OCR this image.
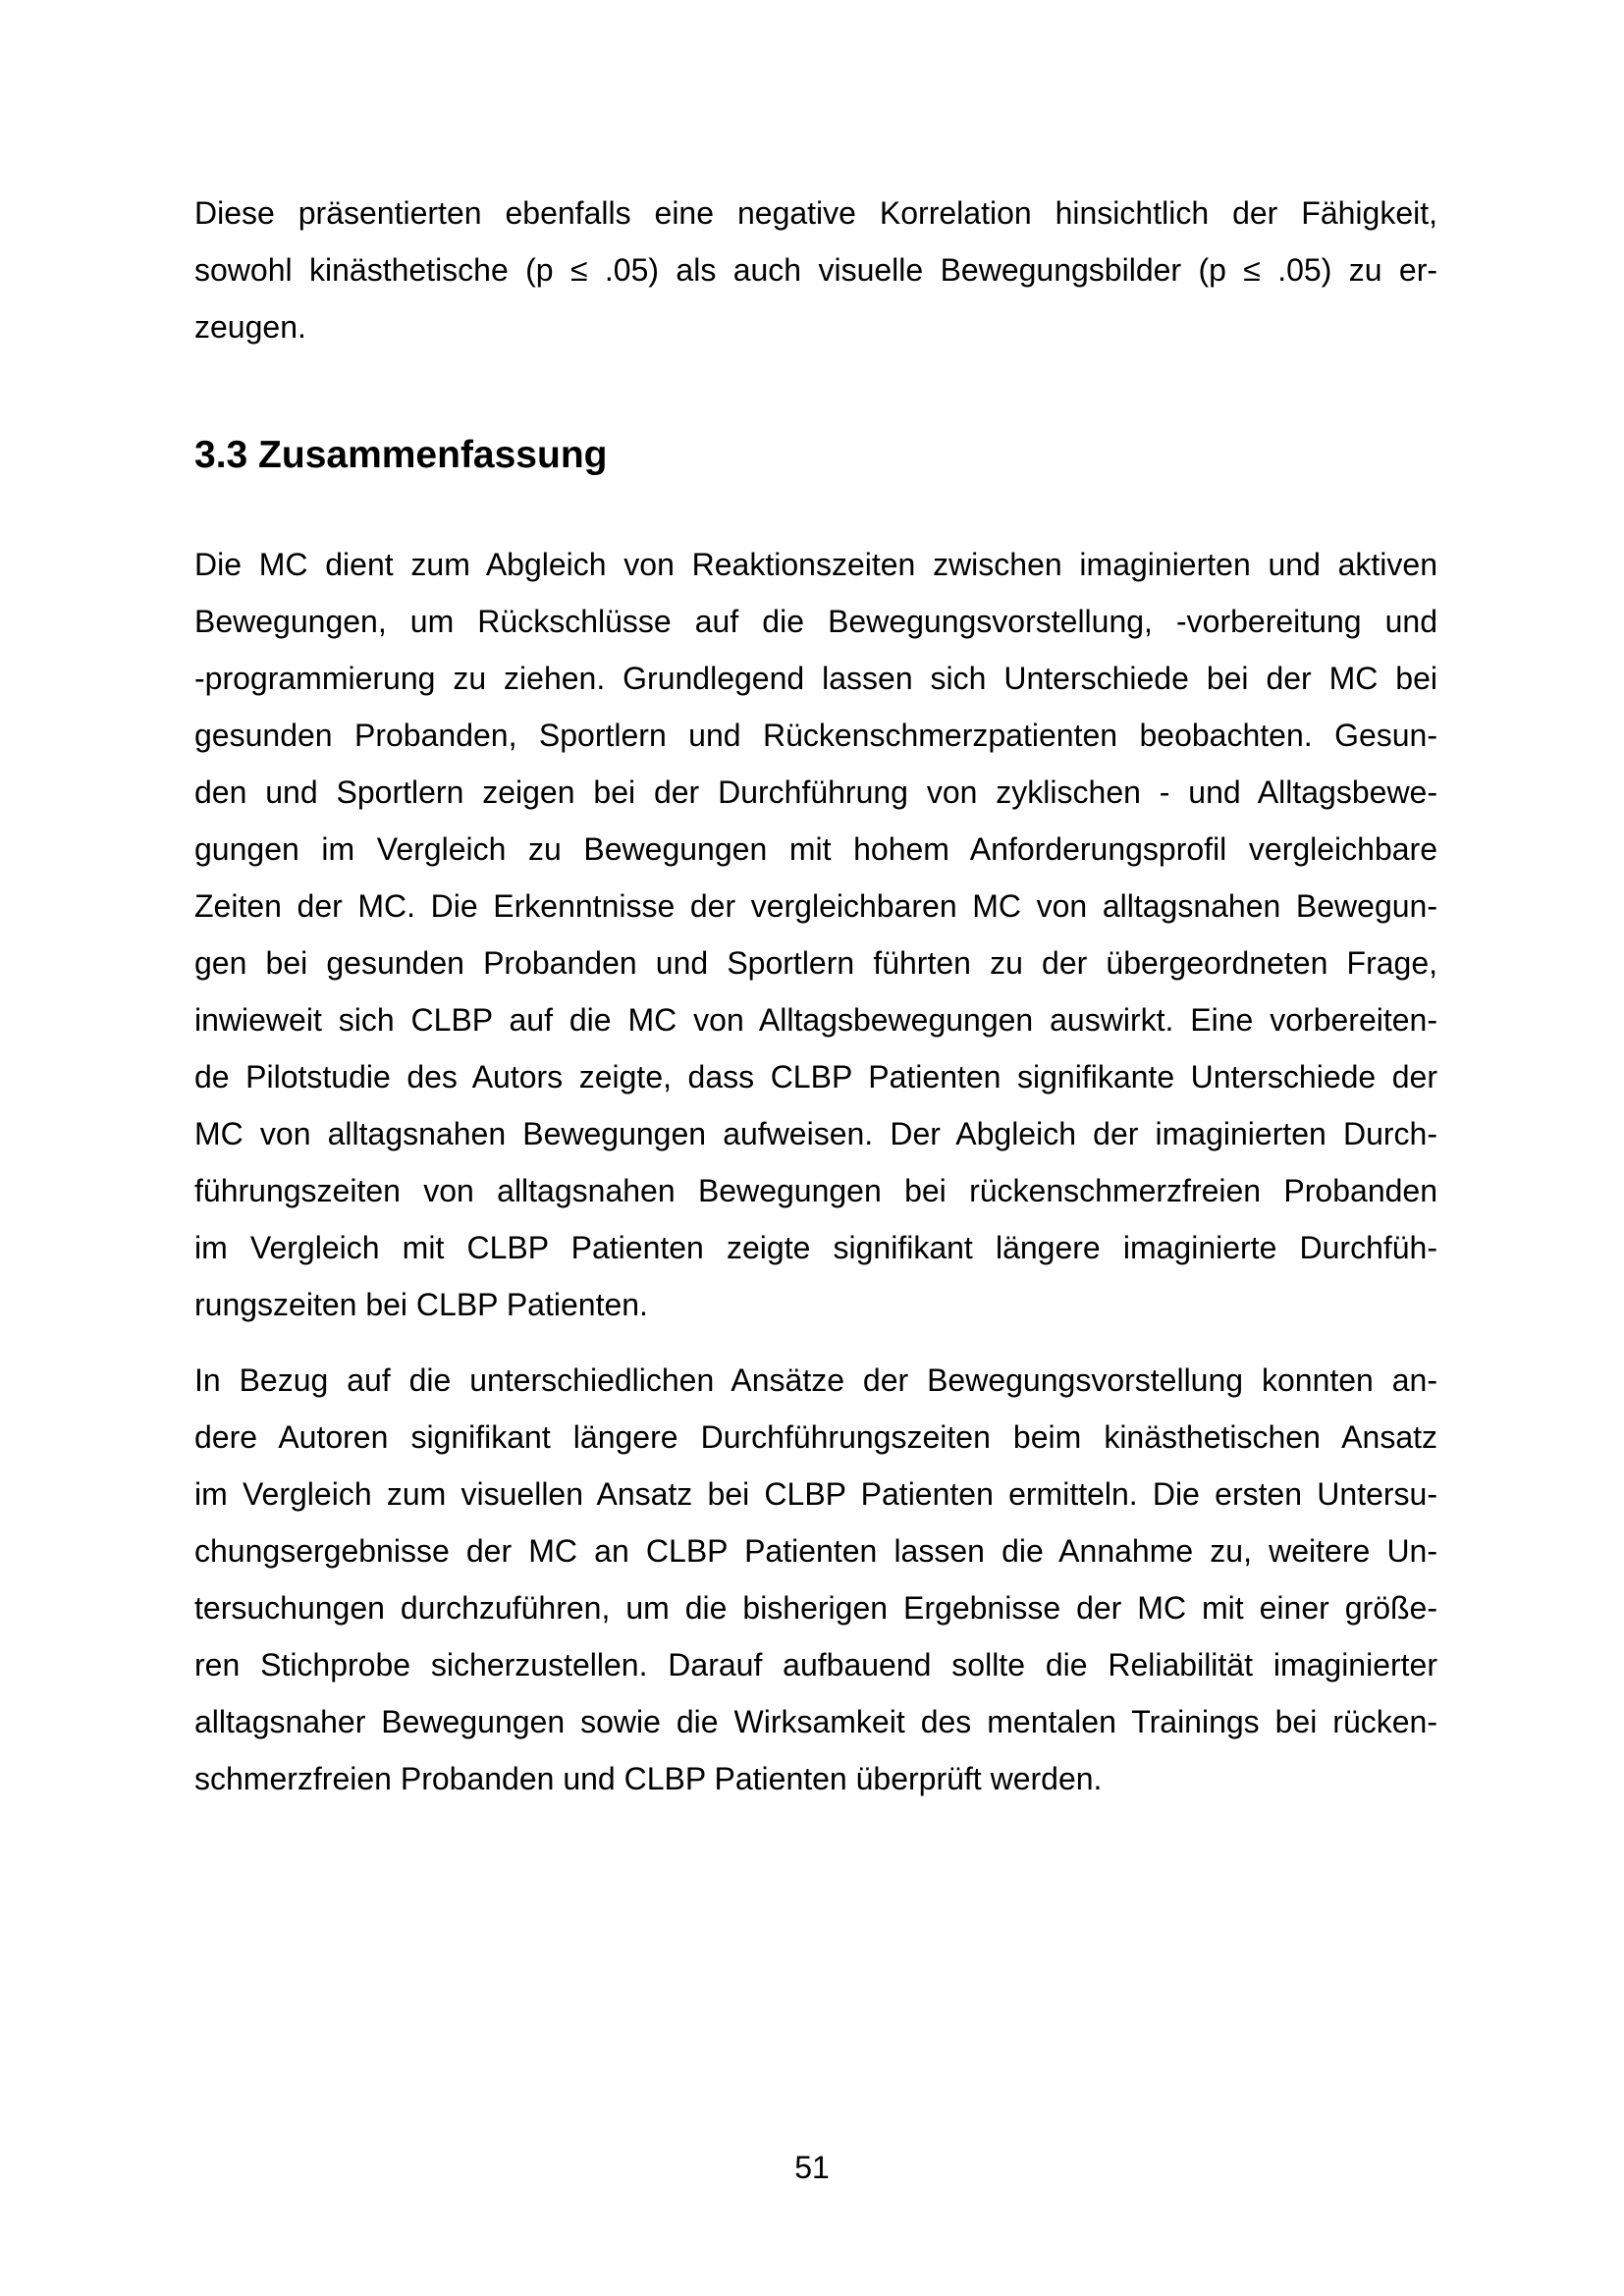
Diese präsentierten ebenfalls eine negative Korrelation hinsichtlich der Fähigkeit,
sowohl kinästhetische (p ≤ .05) als auch visuelle Bewegungsbilder (p ≤ .05) zu er-
zeugen.
3.3 Zusammenfassung
Die MC dient zum Abgleich von Reaktionszeiten zwischen imaginierten und aktiven
Bewegungen, um Rückschlüsse auf die Bewegungsvorstellung, -vorbereitung und
-programmierung zu ziehen. Grundlegend lassen sich Unterschiede bei der MC bei
gesunden Probanden, Sportlern und Rückenschmerzpatienten beobachten. Gesun-
den und Sportlern zeigen bei der Durchführung von zyklischen - und Alltagsbewe-
gungen im Vergleich zu Bewegungen mit hohem Anforderungsprofil vergleichbare
Zeiten der MC. Die Erkenntnisse der vergleichbaren MC von alltagsnahen Bewegun-
gen bei gesunden Probanden und Sportlern führten zu der übergeordneten Frage,
inwieweit sich CLBP auf die MC von Alltagsbewegungen auswirkt. Eine vorbereiten-
de Pilotstudie des Autors zeigte, dass CLBP Patienten signifikante Unterschiede der
MC von alltagsnahen Bewegungen aufweisen. Der Abgleich der imaginierten Durch-
führungszeiten von alltagsnahen Bewegungen bei rückenschmerzfreien Probanden
im Vergleich mit CLBP Patienten zeigte signifikant längere imaginierte Durchfüh-
rungszeiten bei CLBP Patienten.
In Bezug auf die unterschiedlichen Ansätze der Bewegungsvorstellung konnten an-
dere Autoren signifikant längere Durchführungszeiten beim kinästhetischen Ansatz
im Vergleich zum visuellen Ansatz bei CLBP Patienten ermitteln. Die ersten Untersu-
chungsergebnisse der MC an CLBP Patienten lassen die Annahme zu, weitere Un-
tersuchungen durchzuführen, um die bisherigen Ergebnisse der MC mit einer größe-
ren Stichprobe sicherzustellen. Darauf aufbauend sollte die Reliabilität imaginierter
alltagsnaher Bewegungen sowie die Wirksamkeit des mentalen Trainings bei rücken-
schmerzfreien Probanden und CLBP Patienten überprüft werden.
51
